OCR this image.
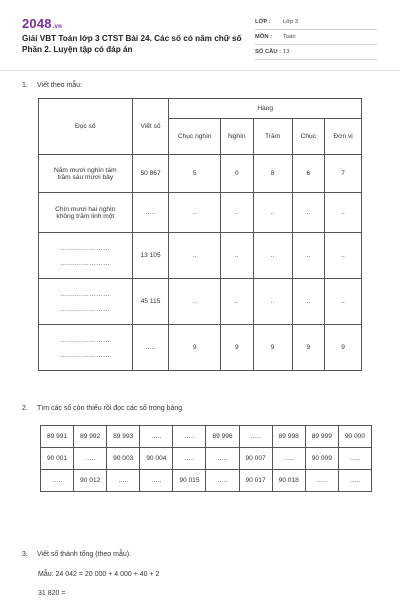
2048.vn
Giải VBT Toán lớp 3 CTST Bài 24. Các số có năm chữ số
Phần 2. Luyện tập có đáp án
LỚP :	Lớp 3
MÔN :	Toán
SỐ CÂU : 13
1. Viết theo mẫu:
Đọc số	Viết số	Hàng				
		Chục nghìn	Nghìn	Trăm	Chục	Đơn vị

Năm mươi nghìn tám
trăm sáu mươi bảy	50 867	5	0	8	6	7

Chín mươi hai nghìn
không trăm linh một	…..	..	..	..	..	..

…………………
…………………	13 105	..	..	..	..	..

…………………
…………………	45 115	..	..	..	..	..

…………………
…………………	…..	9	9	9	9	9
2. Tìm các số còn thiếu rồi đọc các số trong bảng
89 991	89 992	89 993	…..	…..	89 996	…..	89 998	89 999	90 000
90 001	…..	90 003	90 004	…..	…..	90 007	…..	90 009	…..
…..	90 012	…..	…..	90 015	…..	90 017	90 018	…..	…..
3. Viết số thành tổng (theo mẫu).
Mẫu: 24 042 = 20 000 + 4 000 + 40 + 2
31 820 =
